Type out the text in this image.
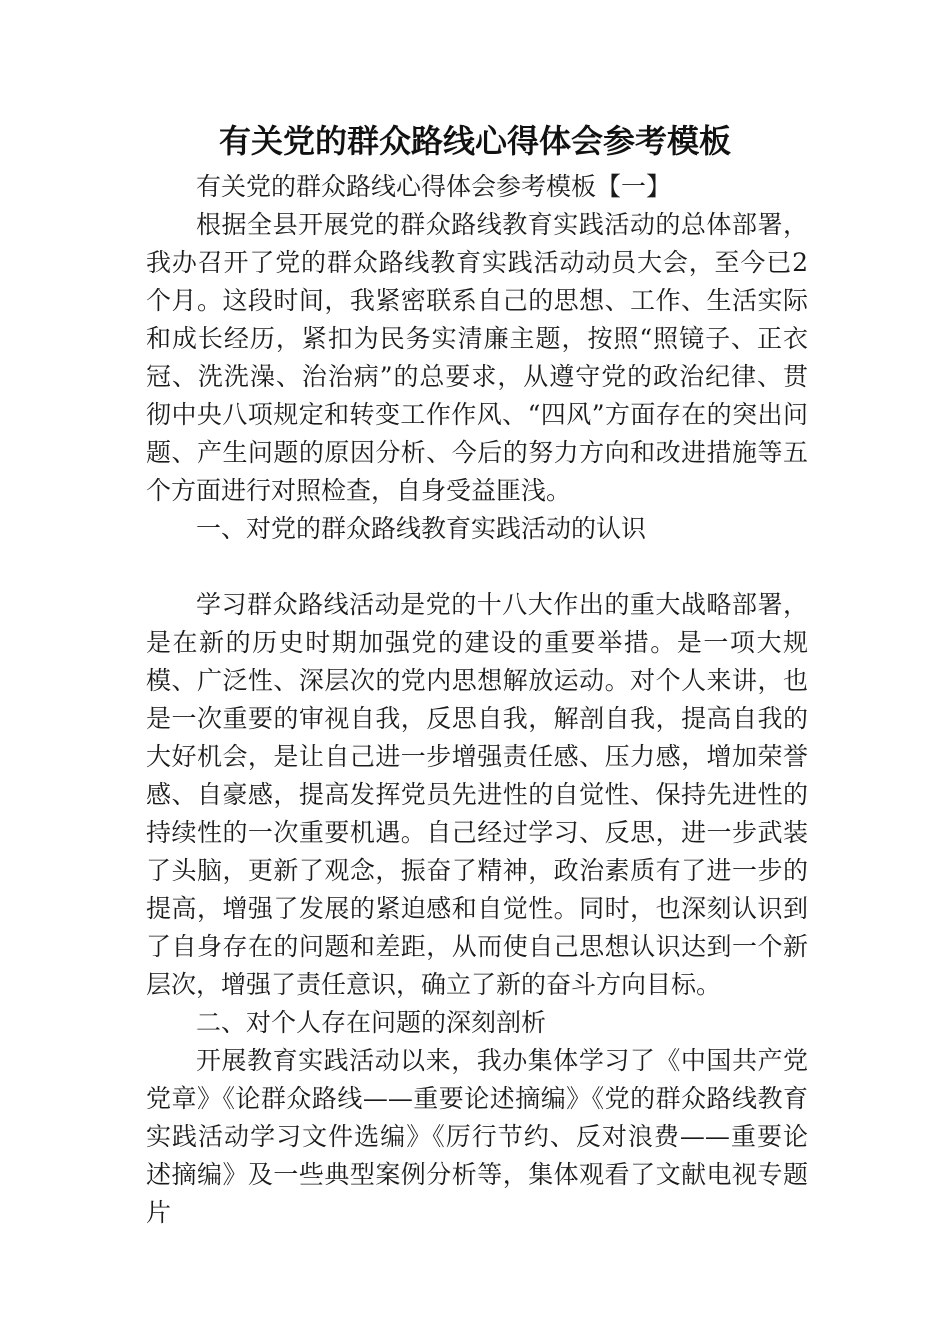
有关党的群众路线心得体会参考模板

有关党的群众路线心得体会参考模板【一】

根据全县开展党的群众路线教育实践活动的总体部署，我办召开了党的群众路线教育实践活动动员大会，至今已2个月。这段时间，我紧密联系自己的思想、工作、生活实际和成长经历，紧扣为民务实清廉主题，按照“照镜子、正衣冠、洗洗澡、治治病”的总要求，从遵守党的政治纪律、贯彻中央八项规定和转变工作作风、“四风”方面存在的突出问题、产生问题的原因分析、今后的努力方向和改进措施等五个方面进行对照检查，自身受益匪浅。

一、对党的群众路线教育实践活动的认识

学习群众路线活动是党的十八大作出的重大战略部署，是在新的历史时期加强党的建设的重要举措。是一项大规模、广泛性、深层次的党内思想解放运动。对个人来讲，也是一次重要的审视自我，反思自我，解剖自我，提高自我的大好机会，是让自己进一步增强责任感、压力感，增加荣誉感、自豪感，提高发挥党员先进性的自觉性、保持先进性的持续性的一次重要机遇。自己经过学习、反思，进一步武装了头脑，更新了观念，振奋了精神，政治素质有了进一步的提高，增强了发展的紧迫感和自觉性。同时，也深刻认识到了自身存在的问题和差距，从而使自己思想认识达到一个新层次，增强了责任意识，确立了新的奋斗方向目标。

二、对个人存在问题的深刻剖析

开展教育实践活动以来，我办集体学习了《中国共产党党章》《论群众路线——重要论述摘编》《党的群众路线教育实践活动学习文件选编》《厉行节约、反对浪费——重要论述摘编》及一些典型案例分析等，集体观看了文献电视专题片
